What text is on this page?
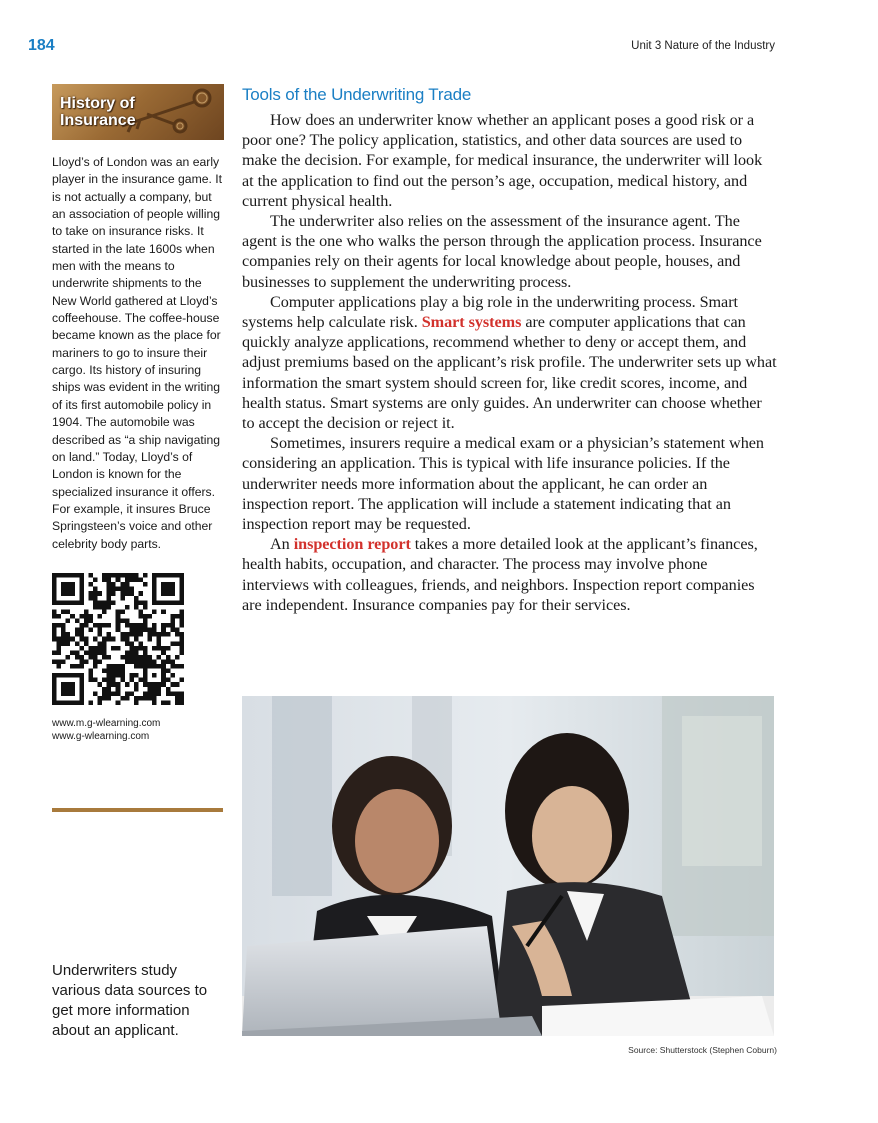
184	Unit 3 Nature of the Industry
History of
Insurance

Lloyd’s of London was an early player in the insurance game. It is not actually a company, but an association of people willing to take on insurance risks. It started in the late 1600s when men with the means to underwrite shipments to the New World gathered at Lloyd’s coffeehouse. The coffee-house became known as the place for mariners to go to insure their cargo. Its history of insuring ships was evident in the writing of its first automobile policy in 1904. The automobile was described as “a ship navigating on land.” Today, Lloyd’s of London is known for the specialized insurance it offers. For example, it insures Bruce Springsteen’s voice and other celebrity body parts.

www.m.g-wlearning.com
www.g-wlearning.com
Underwriters study various data sources to get more information about an applicant.
Tools of the Underwriting Trade

How does an underwriter know whether an applicant poses a good risk or a poor one? The policy application, statistics, and other data sources are used to make the decision. For example, for medical insurance, the underwriter will look at the application to find out the person’s age, occupation, medical history, and current physical health.

The underwriter also relies on the assessment of the insurance agent. The agent is the one who walks the person through the application process. Insurance companies rely on their agents for local knowledge about people, houses, and businesses to supplement the underwriting process.

Computer applications play a big role in the underwriting process. Smart systems help calculate risk. Smart systems are computer applications that can quickly analyze applications, recommend whether to deny or accept them, and adjust premiums based on the applicant’s risk profile. The underwriter sets up what information the smart system should screen for, like credit scores, income, and health status. Smart systems are only guides. An underwriter can choose whether to accept the decision or reject it.

Sometimes, insurers require a medical exam or a physician’s statement when considering an application. This is typical with life insurance policies. If the underwriter needs more information about the applicant, he can order an inspection report. The application will include a statement indicating that an inspection report may be requested.

An inspection report takes a more detailed look at the applicant’s finances, health habits, occupation, and character. The process may involve phone interviews with colleagues, friends, and neighbors. Inspection report companies are independent. Insurance companies pay for their services.

Source: Shutterstock (Stephen Coburn)
